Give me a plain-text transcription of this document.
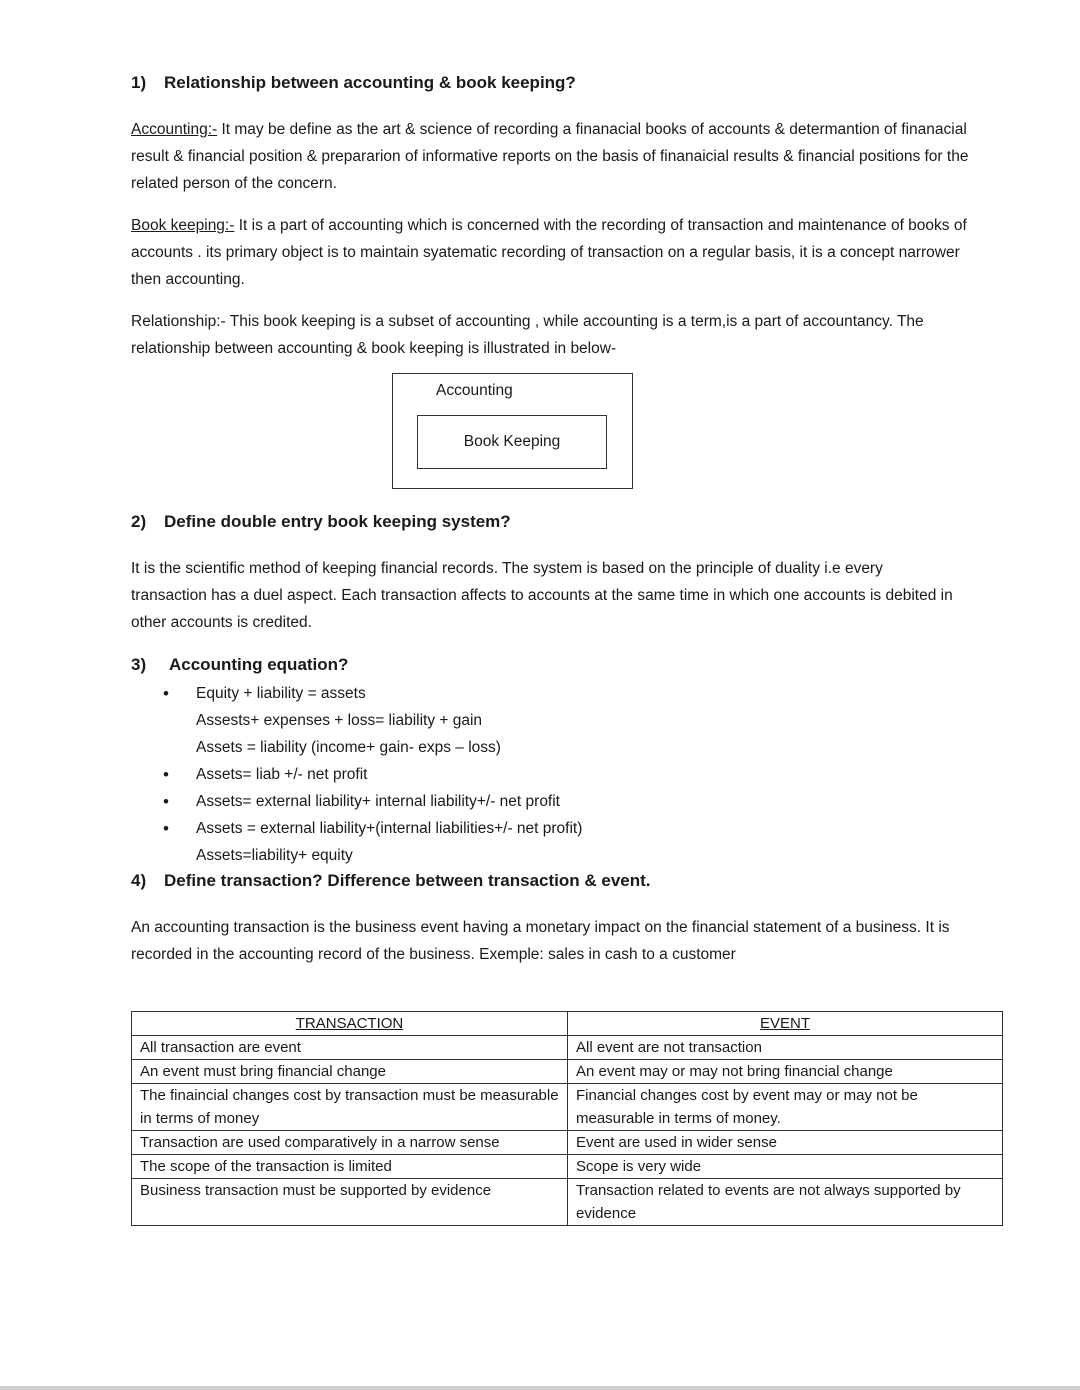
1) Relationship between accounting & book keeping?
Accounting:- It may be define as the art & science of recording a finanacial books of accounts & determantion of finanacial result & financial position & prepararion of informative reports on the basis of finanaicial results & financial positions for the related person of the concern.
Book keeping:- It is a part of accounting which is concerned with the recording of transaction and maintenance of books of accounts . its primary object is to maintain syatematic recording of transaction on a regular basis, it is a concept narrower then accounting.
Relationship:- This book keeping is a subset of accounting , while accounting is a term,is a part of accountancy. The relationship between accounting & book keeping is illustrated in below-
Accounting
Book Keeping
2) Define double entry book keeping system?
It is the scientific method of keeping financial records. The system is based on the principle of duality i.e every transaction has a duel aspect. Each transaction affects to accounts at the same time in which one accounts is debited in other accounts is credited.
3) Accounting equation?
• Equity + liability = assets
Assests+ expenses + loss= liability + gain
Assets = liability (income+ gain- exps – loss)
• Assets= liab +/- net profit
• Assets= external liability+ internal liability+/- net profit
• Assets = external liability+(internal liabilities+/- net profit)
Assets=liability+ equity
4) Define transaction? Difference between transaction & event.
An accounting transaction is the business event having a monetary impact on the financial statement of a business. It is recorded in the accounting record of the business. Exemple: sales in cash to a customer
TRANSACTION	EVENT
All transaction are event	All event are not transaction
An event must bring financial change	An event may or may not bring financial change
The finaincial changes cost by transaction must be measurable in terms of money	Financial changes cost by event may or may not be measurable in terms of money.
Transaction are used comparatively in a narrow sense	Event are used in wider sense
The scope of the transaction is limited	Scope is very wide
Business transaction must be supported by evidence	Transaction related to events are not always supported by evidence
